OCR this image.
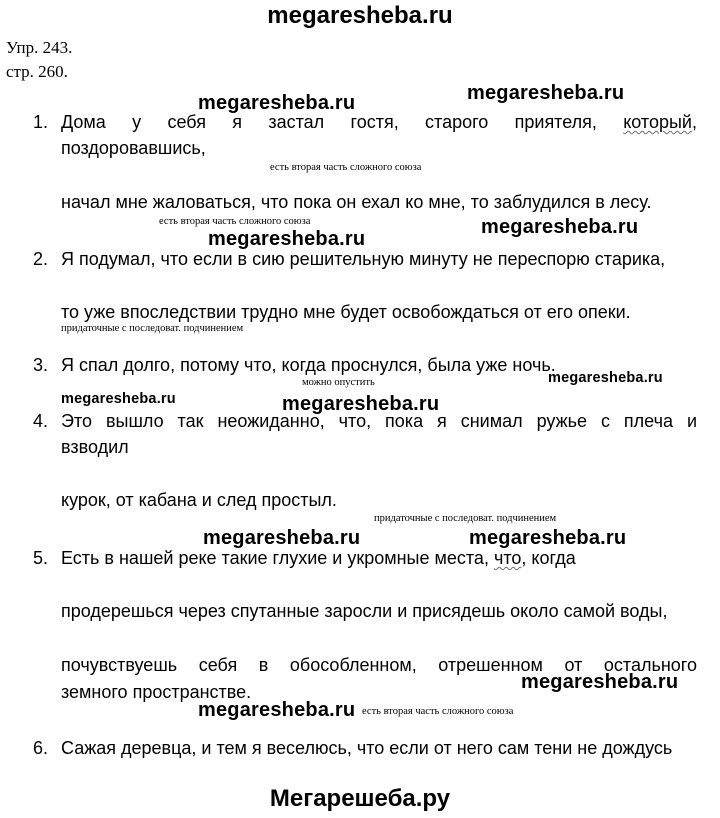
megaresheba.ru
Упр. 243.
стр. 260.
megaresheba.ru	megaresheba.ru
megaresheba.ru
megaresheba.ru
megaresheba.ru
megaresheba.ru	megaresheba.ru
megaresheba.ru	megaresheba.ru
megaresheba.ru
megaresheba.ru
1. Дома у себя я застал гостя, старого приятеля, который,
поздоровавшись,
есть вторая часть сложного союза
начал мне жаловаться, что пока он ехал ко мне, то заблудился в лесу.
есть вторая часть сложного союза
2. Я подумал, что если в сию решительную минуту не переспорю старика,
то уже впоследствии трудно мне будет освобождаться от его опеки.
придаточные с последоват. подчинением
3. Я спал долго, потому что, когда проснулся, была уже ночь.
можно опустить
4. Это вышло так неожиданно, что, пока я снимал ружье с плеча и
взводил
курок, от кабана и след простыл.
придаточные с последоват. подчинением
5. Есть в нашей реке такие глухие и укромные места, что, когда
продерешься через спутанные заросли и присядешь около самой воды,
почувствуешь себя в обособленном, отрешенном от остального
земного пространстве.
есть вторая часть сложного союза
6. Сажая деревца, и тем я веселюсь, что если от него сам тени не дождусь
Мегарешеба.ру
